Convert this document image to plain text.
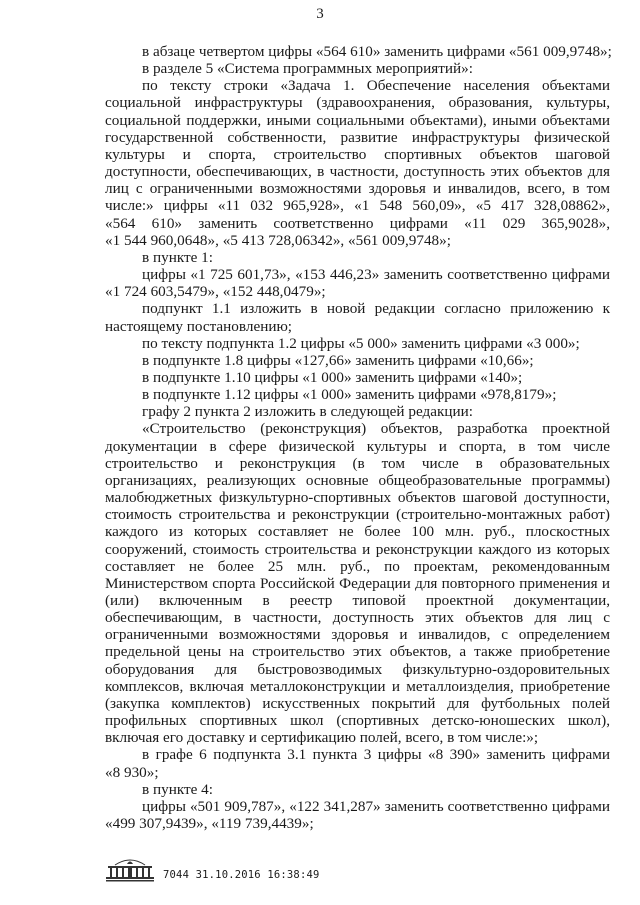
3

в абзаце четвертом цифры «564 610» заменить цифрами «561 009,9748»;

в разделе 5 «Система программных мероприятий»:

по тексту строки «Задача 1. Обеспечение населения объектами
социальной инфраструктуры (здравоохранения, образования, культуры,
социальной поддержки, иными социальными объектами), иными объектами
государственной собственности, развитие инфраструктуры физической
культуры и спорта, строительство спортивных объектов шаговой
доступности, обеспечивающих, в частности, доступность этих объектов для
лиц с ограниченными возможностями здоровья и инвалидов, всего, в том
числе:» цифры «11 032 965,928», «1 548 560,09», «5 417 328,08862»,
«564 610» заменить соответственно цифрами «11 029 365,9028»,
«1 544 960,0648», «5 413 728,06342», «561 009,9748»;

в пункте 1:

цифры «1 725 601,73», «153 446,23» заменить соответственно цифрами
«1 724 603,5479», «152 448,0479»;

подпункт 1.1 изложить в новой редакции согласно приложению к
настоящему постановлению;

по тексту подпункта 1.2 цифры «5 000» заменить цифрами «3 000»;

в подпункте 1.8 цифры «127,66» заменить цифрами «10,66»;

в подпункте 1.10 цифры «1 000» заменить цифрами «140»;

в подпункте 1.12 цифры «1 000» заменить цифрами «978,8179»;

графу 2 пункта 2 изложить в следующей редакции:

«Строительство (реконструкция) объектов, разработка проектной
документации в сфере физической культуры и спорта, в том числе
строительство и реконструкция (в том числе в образовательных
организациях, реализующих основные общеобразовательные программы)
малобюджетных физкультурно-спортивных объектов шаговой доступности,
стоимость строительства и реконструкции (строительно-монтажных работ)
каждого из которых составляет не более 100 млн. руб., плоскостных
сооружений, стоимость строительства и реконструкции каждого из которых
составляет не более 25 млн. руб., по проектам, рекомендованным
Министерством спорта Российской Федерации для повторного применения и
(или) включенным в реестр типовой проектной документации,
обеспечивающим, в частности, доступность этих объектов для лиц с
ограниченными возможностями здоровья и инвалидов, с определением
предельной цены на строительство этих объектов, а также приобретение
оборудования для быстровозводимых физкультурно-оздоровительных
комплексов, включая металлоконструкции и металлоизделия, приобретение
(закупка комплектов) искусственных покрытий для футбольных полей
профильных спортивных школ (спортивных детско-юношеских школ),
включая его доставку и сертификацию полей, всего, в том числе:»;

в графе 6 подпункта 3.1 пункта 3 цифры «8 390» заменить цифрами
«8 930»;

в пункте 4:

цифры «501 909,787», «122 341,287» заменить соответственно цифрами
«499 307,9439», «119 739,4439»;

7044 31.10.2016 16:38:49
